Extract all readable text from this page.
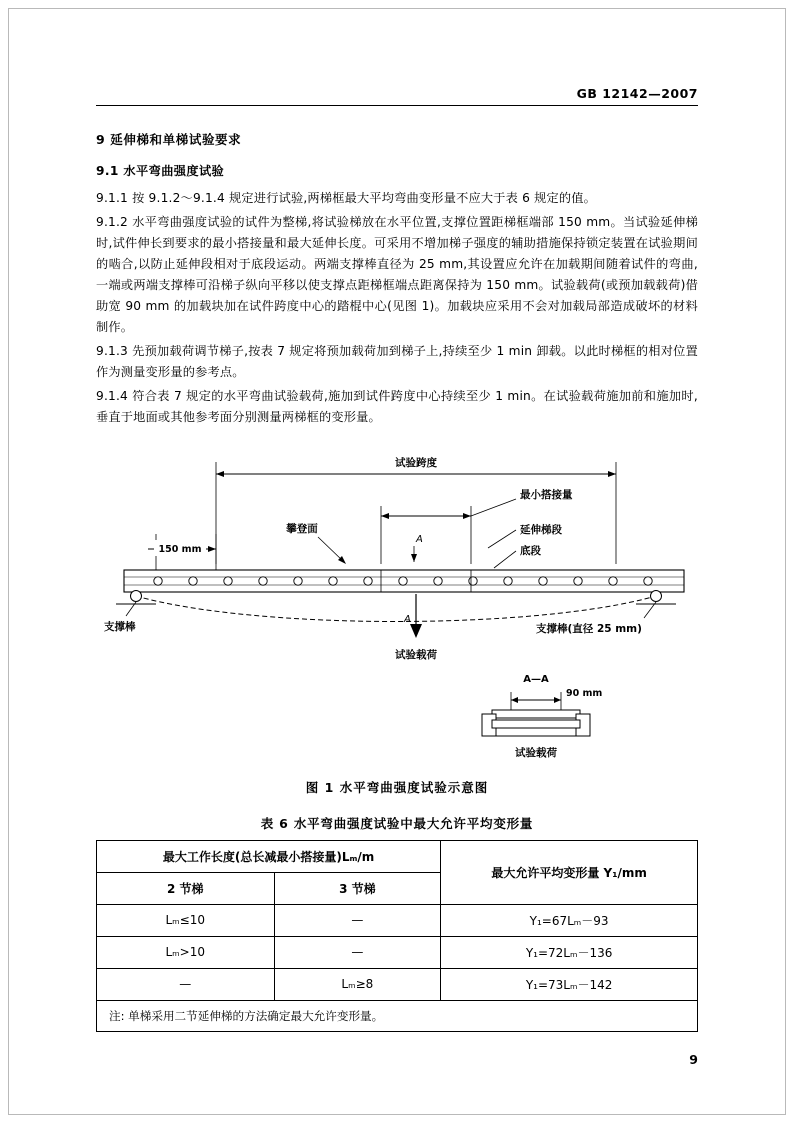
GB 12142—2007
9 延伸梯和单梯试验要求
9.1 水平弯曲强度试验

9.1.1 按 9.1.2～9.1.4 规定进行试验,两梯框最大平均弯曲变形量不应大于表 6 规定的值。

9.1.2 水平弯曲强度试验的试件为整梯,将试验梯放在水平位置,支撑位置距梯框端部 150 mm。当试验延伸梯时,试件伸长到要求的最小搭接量和最大延伸长度。可采用不增加梯子强度的辅助措施保持锁定装置在试验期间的啮合,以防止延伸段相对于底段运动。两端支撑棒直径为 25 mm,其设置应允许在加载期间随着试件的弯曲,一端或两端支撑棒可沿梯子纵向平移以使支撑点距梯框端点距离保持为 150 mm。试验载荷(或预加载载荷)借助宽 90 mm 的加载块加在试件跨度中心的踏棍中心(见图 1)。加载块应采用不会对加载局部造成破坏的材料制作。

9.1.3 先预加载荷调节梯子,按表 7 规定将预加载荷加到梯子上,持续至少 1 min 卸载。以此时梯框的相对位置作为测量变形量的参考点。

9.1.4 符合表 7 规定的水平弯曲试验载荷,施加到试件跨度中心持续至少 1 min。在试验载荷施加前和施加时,垂直于地面或其他参考面分别测量两梯框的变形量。

试验跨度
最小搭接量
攀登面	延伸梯段
底段
150 mm
A
支撑棒	支撑棒(直径 25 mm)
A
试验载荷
A—A
90 mm
试验载荷
图 1 水平弯曲强度试验示意图
表 6 水平弯曲强度试验中最大允许平均变形量
最大工作长度(总长减最小搭接量)Lₘ/m		最大允许平均变形量 Y₁/mm
2 节梯	3 节梯	
Lₘ≤10	—	Y₁=67Lₘ－93
Lₘ>10	—	Y₁=72Lₘ－136
—	Lₘ≥8	Y₁=73Lₘ－142
注: 单梯采用二节延伸梯的方法确定最大允许变形量。		
9
